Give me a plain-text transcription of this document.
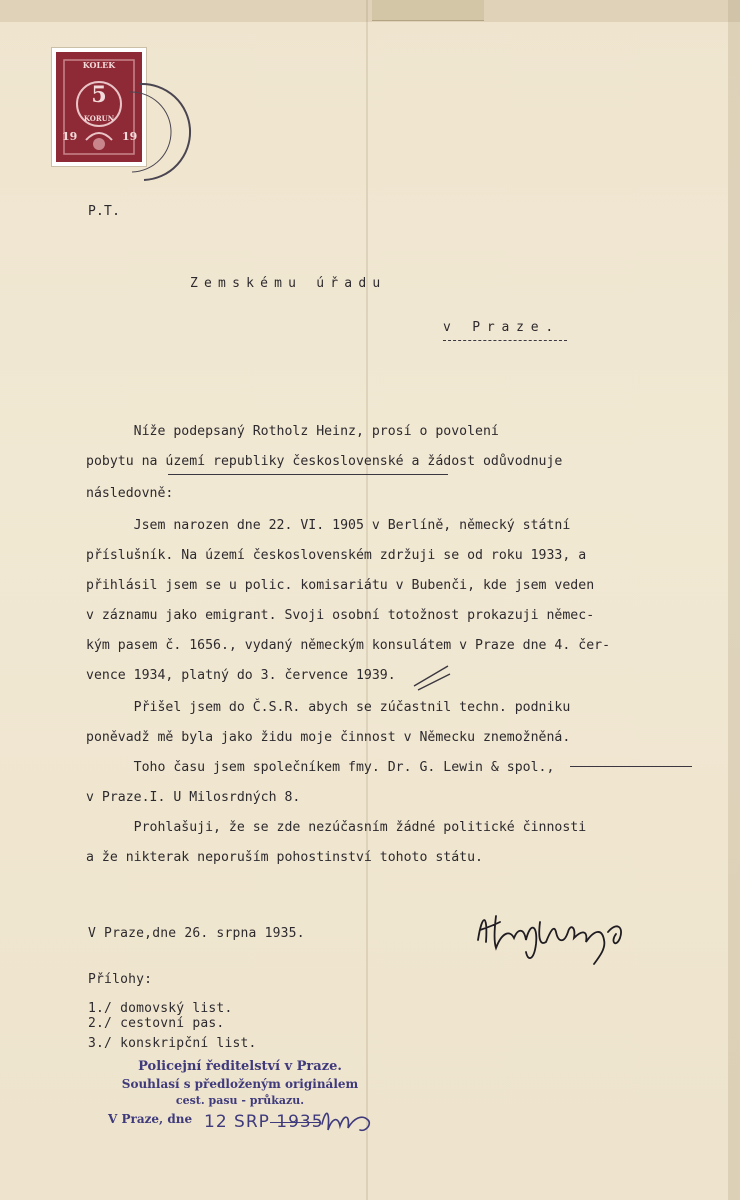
KOLEK
5
KORUN
19	19
P.T.
Zemskému úřadu
v Praze.
Níže podepsaný Rotholz Heinz, prosí o povolení
pobytu na území republiky československé a žádost odůvodnuje
následovně:
Jsem narozen dne 22. VI. 1905 v Berlíně, německý státní
příslušník. Na území československém zdržuji se od roku 1933, a
přihlásil jsem se u polic. komisariátu v Bubenči, kde jsem veden
v záznamu jako emigrant. Svoji osobní totožnost prokazuji němec-
kým pasem č. 1656., vydaný německým konsulátem v Praze dne 4. čer-
vence 1934, platný do 3. července 1939.
Přišel jsem do Č.S.R. abych se zúčastnil techn. podniku
poněvadž mě byla jako židu moje činnost v Německu znemožněná.
Toho času jsem společníkem fmy. Dr. G. Lewin & spol.,
v Praze.I. U Milosrdných 8.
Prohlašuji, že se zde nezúčasním žádné politické činnosti
a že nikterak neporuším pohostinství tohoto státu.
V Praze,dne 26. srpna 1935.
Přílohy:
1./ domovský list.
2./ cestovní pas.
3./ konskripční list.
Policejní ředitelství v Praze.
Souhlasí s předloženým originálem
cest. pasu - průkazu.
V Praze, dne 12 SRP 1935
